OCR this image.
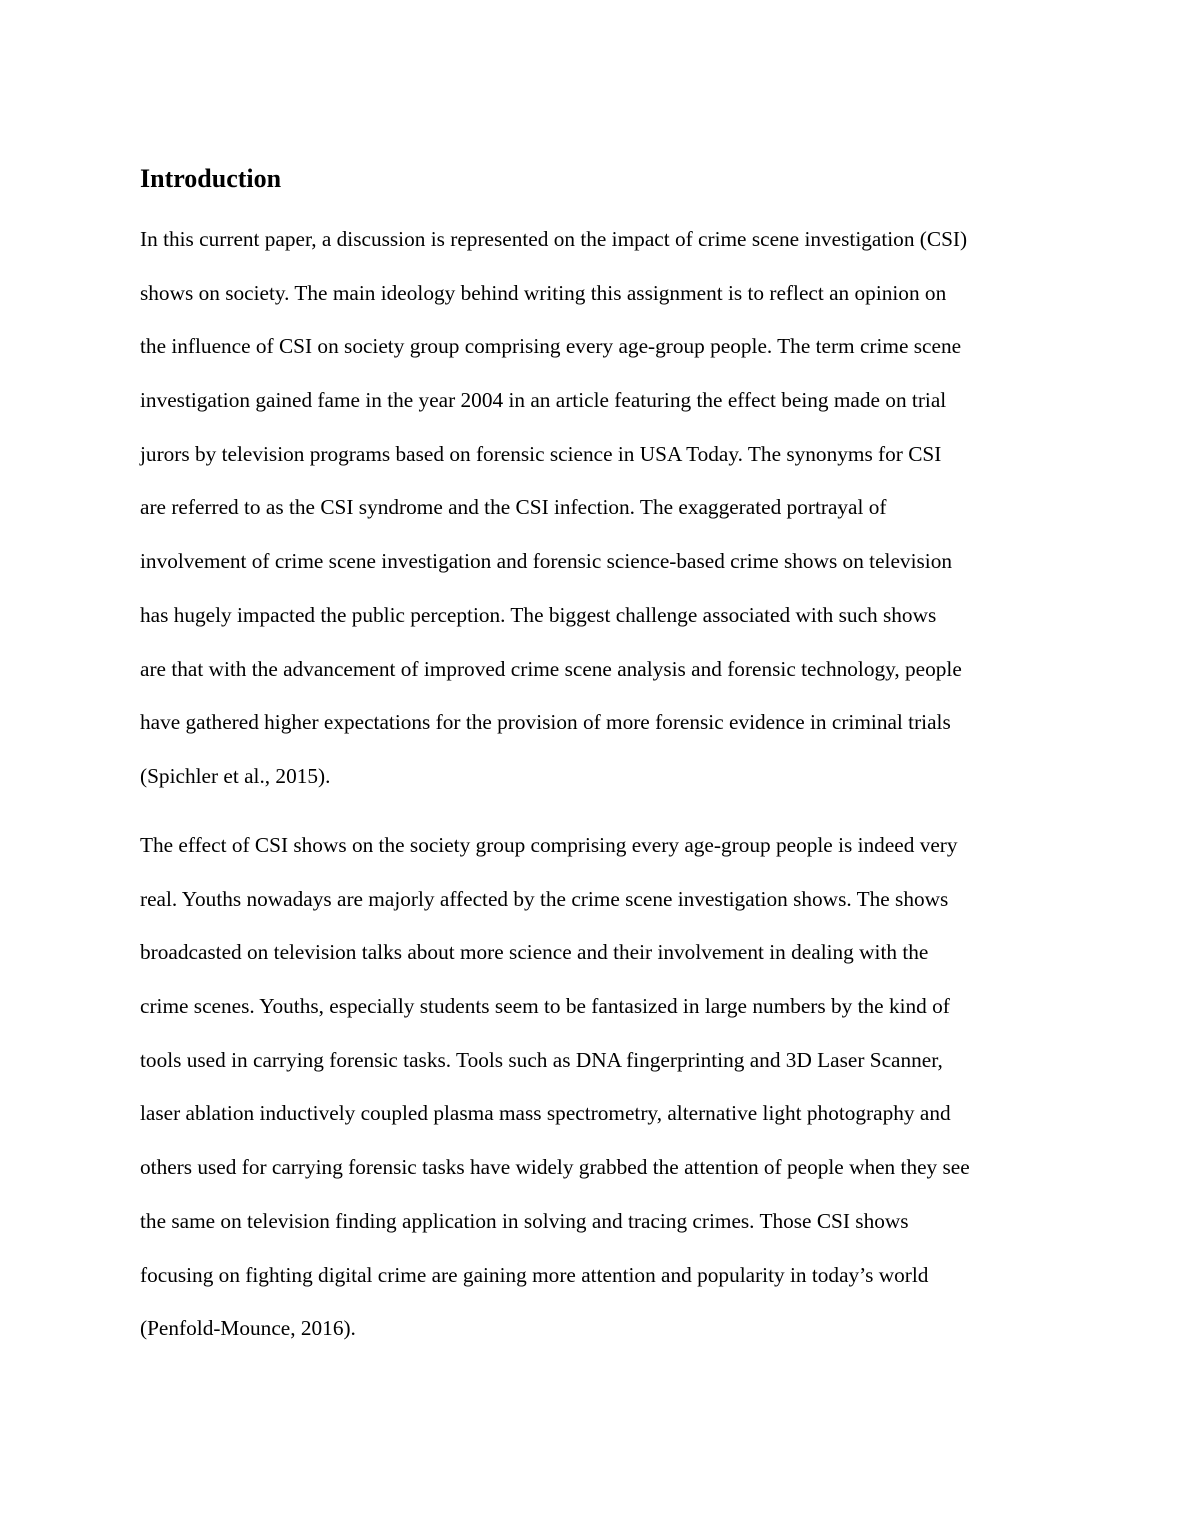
Introduction

In this current paper, a discussion is represented on the impact of crime scene investigation (CSI)
shows on society. The main ideology behind writing this assignment is to reflect an opinion on
the influence of CSI on society group comprising every age-group people. The term crime scene
investigation gained fame in the year 2004 in an article featuring the effect being made on trial
jurors by television programs based on forensic science in USA Today. The synonyms for CSI
are referred to as the CSI syndrome and the CSI infection. The exaggerated portrayal of
involvement of crime scene investigation and forensic science-based crime shows on television
has hugely impacted the public perception. The biggest challenge associated with such shows
are that with the advancement of improved crime scene analysis and forensic technology, people
have gathered higher expectations for the provision of more forensic evidence in criminal trials
(Spichler et al., 2015).

The effect of CSI shows on the society group comprising every age-group people is indeed very
real. Youths nowadays are majorly affected by the crime scene investigation shows. The shows
broadcasted on television talks about more science and their involvement in dealing with the
crime scenes. Youths, especially students seem to be fantasized in large numbers by the kind of
tools used in carrying forensic tasks. Tools such as DNA fingerprinting and 3D Laser Scanner,
laser ablation inductively coupled plasma mass spectrometry, alternative light photography and
others used for carrying forensic tasks have widely grabbed the attention of people when they see
the same on television finding application in solving and tracing crimes. Those CSI shows
focusing on fighting digital crime are gaining more attention and popularity in today’s world
(Penfold-Mounce, 2016).
